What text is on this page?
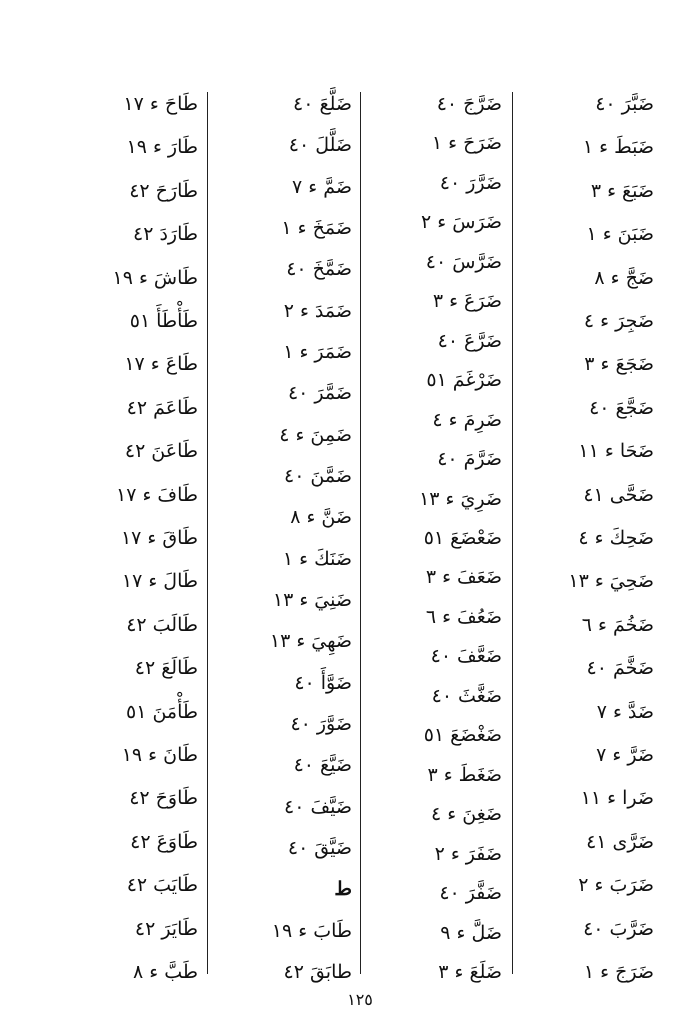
ضَبَّرَ٤٠
ضَبَطَء ١
ضَبَعَء ٣
ضَبَنَء ١
ضَجَّء ٨
ضَجِرَء ٤
ضَجَعَء ٣
ضَجَّعَ٤٠
ضَحَاء ١١
ضَحَّى٤١
ضَحِكَء ٤
ضَحِيَء ١٣
ضَخُمَء ٦
ضَخَّمَ٤٠
ضَدَّء ٧
ضَرَّء ٧
ضَراء ١١
ضَرَّى٤١
ضَرَبَء ٢
ضَرَّبَ٤٠
ضَرَجَء ١
ضَرَّجَ٤٠
ضَرَحَء ١
ضَرَّرَ٤٠
ضَرَسَء ٢
ضَرَّسَ٤٠
ضَرَعَء ٣
ضَرَّعَ٤٠
ضَرْغَمَ٥١
ضَرِمَء ٤
ضَرَّمَ٤٠
ضَرِيَء ١٣
ضَعْضَعَ٥١
ضَعَفَء ٣
ضَعُفَء ٦
ضَعَّفَ٤٠
ضَغَّثَ٤٠
ضَغْضَعَ٥١
ضَغَطَء ٣
ضَغِنَء ٤
ضَفَرَء ٢
ضَفَّرَ٤٠
ضَلَّء ٩
ضَلَعَء ٣
ضَلَّعَ٤٠
ضَلَّلَ٤٠
ضَمَّء ٧
ضَمَخَء ١
ضَمَّخَ٤٠
ضَمَدَء ٢
ضَمَرَء ١
ضَمَّرَ٤٠
ضَمِنَء ٤
ضَمَّنَ٤٠
ضَنَّء ٨
ضَنَكَء ١
ضَنِيَء ١٣
ضَهِيَء ١٣
ضَوَّأَ٤٠
ضَوَّرَ٤٠
ضَيَّعَ٤٠
ضَيَّفَ٤٠
ضَيَّقَ٤٠
ط
طَابَء ١٩
طابَقَ٤٢
طَاحَء ١٧
طَارَء ١٩
طَارَحَ٤٢
طَارَدَ٤٢
طَاشَء ١٩
طَأْطَأَ٥١
طَاعَء ١٧
طَاعَمَ٤٢
طَاعَنَ٤٢
طَافَء ١٧
طَاقَء ١٧
طَالَء ١٧
طَالَبَ٤٢
طَالَعَ٤٢
طَأْمَنَ٥١
طَانَء ١٩
طَاوَحَ٤٢
طَاوَعَ٤٢
طَايَبَ٤٢
طَايَرَ٤٢
طَبَّء ٨
١٢٥
